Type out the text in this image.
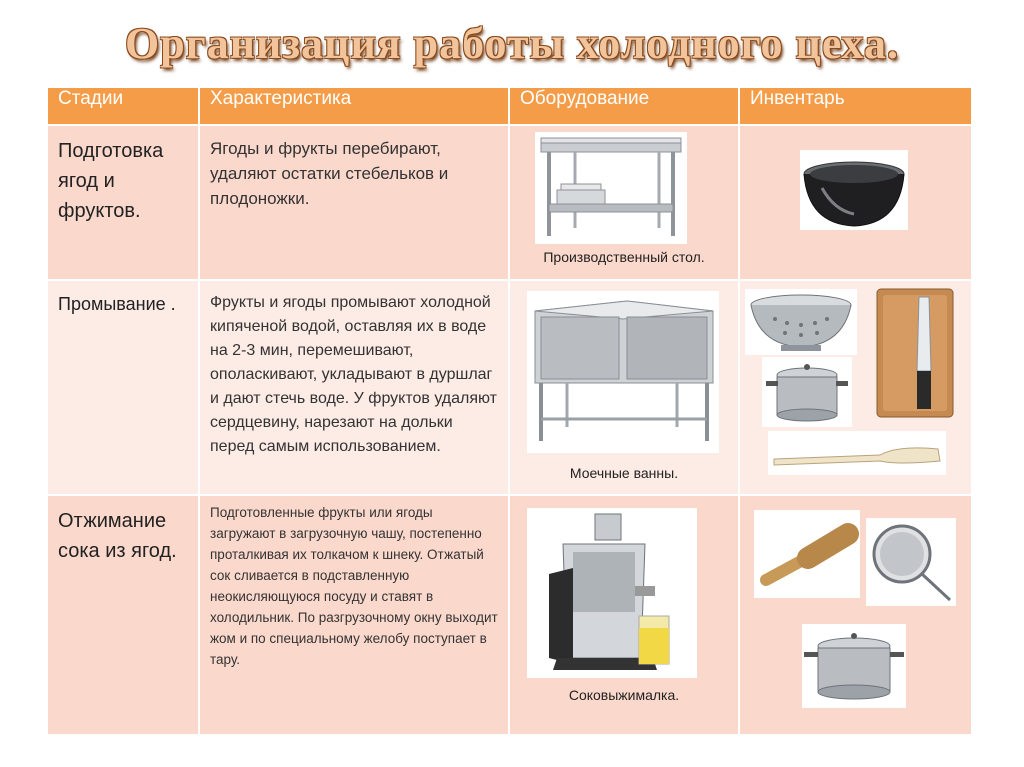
Организация работы холодного цеха.
Стадии	Характеристика	Оборудование	Инвентарь

Подготовка ягод и фруктов.	Ягоды и фрукты перебирают, удаляют остатки стебельков и плодоножки.	Производственный стол.

Промывание .	Фрукты и ягоды промывают холодной кипяченой водой, оставляя их в воде на 2-3 мин, перемешивают, ополаскивают, укладывают в дуршлаг и дают стечь воде. У фруктов удаляют сердцевину, нарезают на дольки перед самым использованием.	Моечные ванны.

Отжимание сока из ягод.	Подготовленные фрукты или ягоды загружают в загрузочную чашу, постепенно проталкивая их толкачом к шнеку. Отжатый сок сливается в подставленную неокисляющуюся посуду и ставят в холодильник. По разгрузочному окну выходит жом и по специальному желобу поступает в тару.	Соковыжималка.
